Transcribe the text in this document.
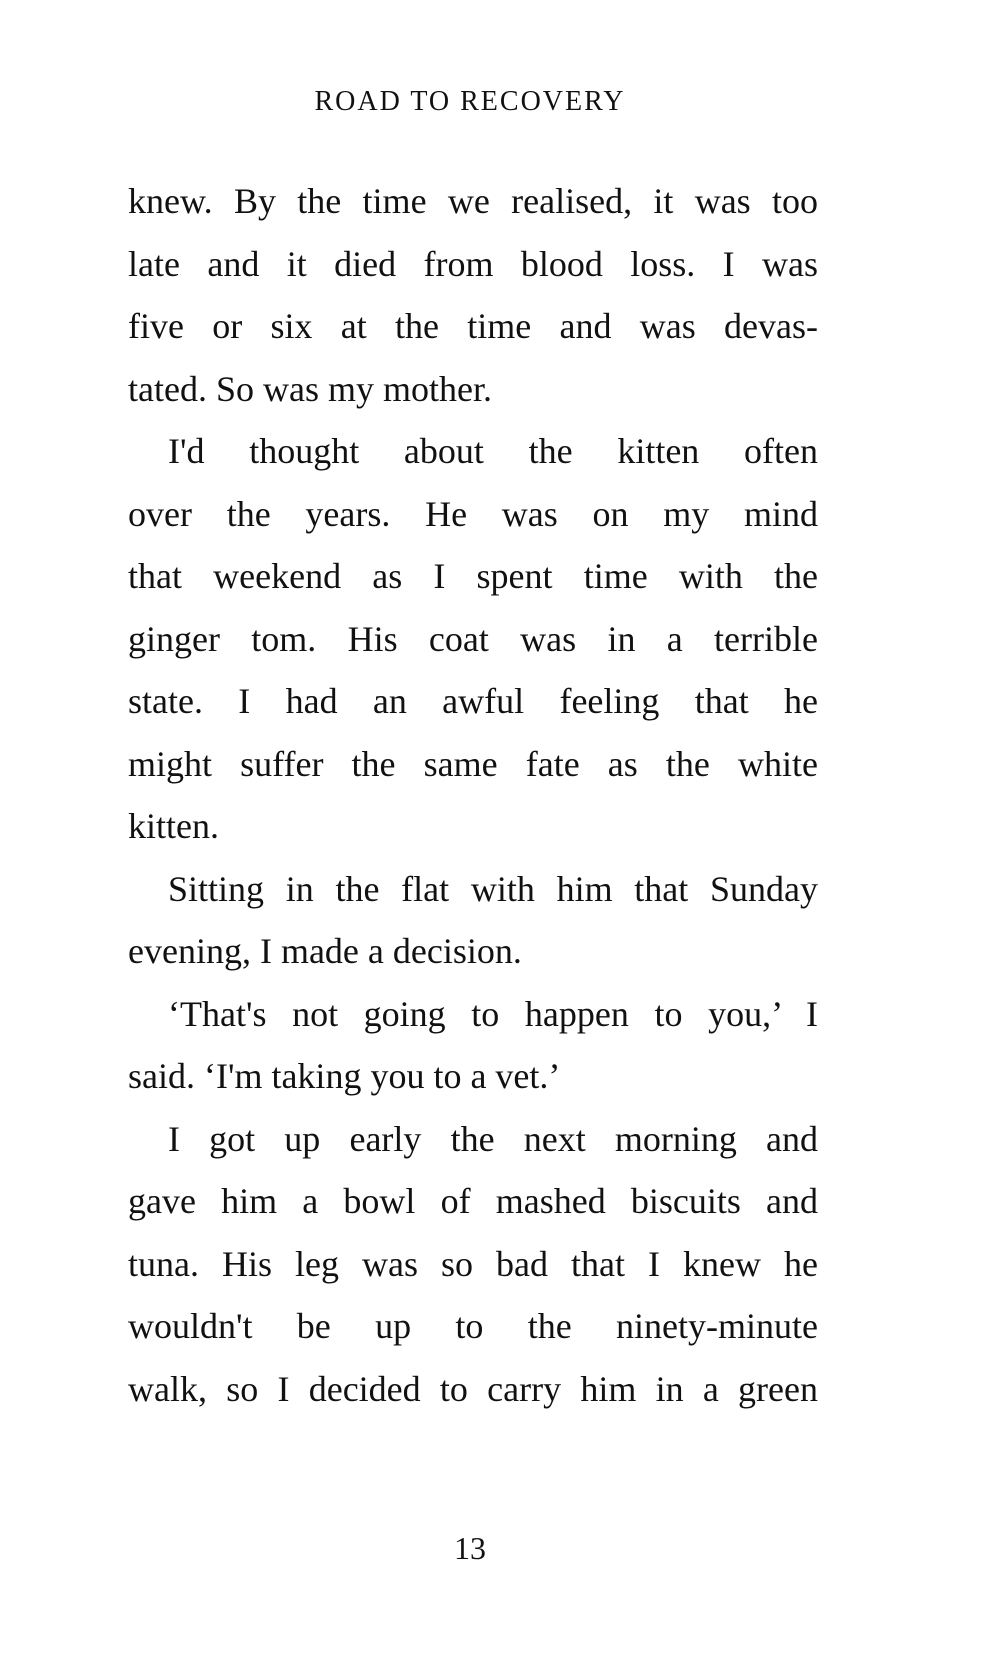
ROAD TO RECOVERY
knew. By the time we realised, it was too
late and it died from blood loss. I was
five or six at the time and was devas-
tated. So was my mother.
I'd thought about the kitten often
over the years. He was on my mind
that weekend as I spent time with the
ginger tom. His coat was in a terrible
state. I had an awful feeling that he
might suffer the same fate as the white
kitten.
Sitting in the flat with him that Sunday
evening, I made a decision.
‘That's not going to happen to you,’ I
said. ‘I'm taking you to a vet.’
I got up early the next morning and
gave him a bowl of mashed biscuits and
tuna. His leg was so bad that I knew he
wouldn't be up to the ninety-minute
walk, so I decided to carry him in a green
13
